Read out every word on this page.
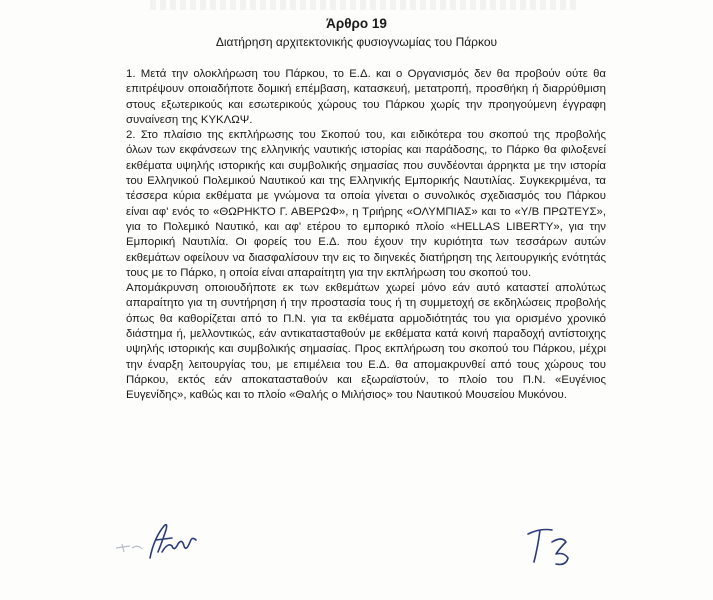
Άρθρο 19
Διατήρηση αρχιτεκτονικής φυσιογνωμίας του Πάρκου

1. Μετά την ολοκλήρωση του Πάρκου, το Ε.Δ. και ο Οργανισμός δεν θα προβούν ούτε θα επιτρέψουν οποιαδήποτε δομική επέμβαση, κατασκευή, μετατροπή, προσθήκη ή διαρρύθμιση στους εξωτερικούς και εσωτερικούς χώρους του Πάρκου χωρίς την προηγούμενη έγγραφη συναίνεση της ΚΥΚΛΩΨ.

2. Στο πλαίσιο της εκπλήρωσης του Σκοπού του, και ειδικότερα του σκοπού της προβολής όλων των εκφάνσεων της ελληνικής ναυτικής ιστορίας και παράδοσης, το Πάρκο θα φιλοξενεί εκθέματα υψηλής ιστορικής και συμβολικής σημασίας που συνδέονται άρρηκτα με την ιστορία του Ελληνικού Πολεμικού Ναυτικού και της Ελληνικής Εμπορικής Ναυτιλίας. Συγκεκριμένα, τα τέσσερα κύρια εκθέματα με γνώμονα τα οποία γίνεται ο συνολικός σχεδιασμός του Πάρκου είναι αφ' ενός το «ΘΩΡΗΚΤΟ Γ. ΑΒΕΡΩΦ», η Τριήρης «ΟΛΥΜΠΙΑΣ» και το «Υ/Β ΠΡΩΤΕΥΣ», για το Πολεμικό Ναυτικό, και αφ' ετέρου το εμπορικό πλοίο «HELLAS LIBERTY», για την Εμπορική Ναυτιλία. Οι φορείς του Ε.Δ. που έχουν την κυριότητα των τεσσάρων αυτών εκθεμάτων οφείλουν να διασφαλίσουν την εις το διηνεκές διατήρηση της λειτουργικής ενότητάς τους με το Πάρκο, η οποία είναι απαραίτητη για την εκπλήρωση του σκοπού του.

Απομάκρυνση οποιουδήποτε εκ των εκθεμάτων χωρεί μόνο εάν αυτό καταστεί απολύτως απαραίτητο για τη συντήρηση ή την προστασία τους ή τη συμμετοχή σε εκδηλώσεις προβολής όπως θα καθορίζεται από το Π.Ν. για τα εκθέματα αρμοδιότητάς του για ορισμένο χρονικό διάστημα ή, μελλοντικώς, εάν αντικατασταθούν με εκθέματα κατά κοινή παραδοχή αντίστοιχης υψηλής ιστορικής και συμβολικής σημασίας. Προς εκπλήρωση του σκοπού του Πάρκου, μέχρι την έναρξη λειτουργίας του, με επιμέλεια του Ε.Δ. θα απομακρυνθεί από τους χώρους του Πάρκου, εκτός εάν αποκατασταθούν και εξωραϊστούν, το πλοίο του Π.Ν. «Ευγένιος Ευγενίδης», καθώς και το πλοίο «Θαλής ο Μιλήσιος» του Ναυτικού Μουσείου Μυκόνου.
